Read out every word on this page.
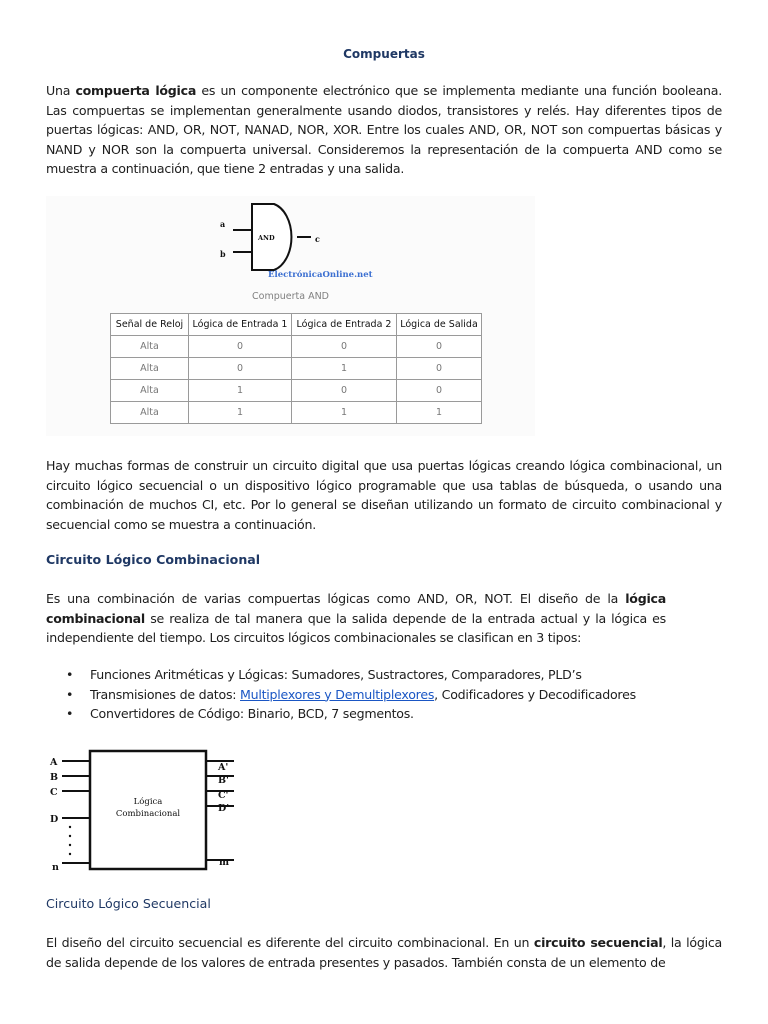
Compuertas

Una compuerta lógica es un componente electrónico que se implementa mediante una función booleana. Las compuertas se implementan generalmente usando diodos, transistores y relés. Hay diferentes tipos de puertas lógicas: AND, OR, NOT, NANAD, NOR, XOR. Entre los cuales AND, OR, NOT son compuertas básicas y NAND y NOR son la compuerta universal. Consideremos la representación de la compuerta AND como se muestra a continuación, que tiene 2 entradas y una salida.

AND
a
b
c
ElectrónicaOnline.net
Compuerta AND
Señal de Reloj	Lógica de Entrada 1	Lógica de Entrada 2	Lógica de Salida
Alta	0	0	0
Alta	0	1	0
Alta	1	0	0
Alta	1	1	1

Hay muchas formas de construir un circuito digital que usa puertas lógicas creando lógica combinacional, un circuito lógico secuencial o un dispositivo lógico programable que usa tablas de búsqueda, o usando una combinación de muchos CI, etc. Por lo general se diseñan utilizando un formato de circuito combinacional y secuencial como se muestra a continuación.

Circuito Lógico Combinacional

Es una combinación de varias compuertas lógicas como AND, OR, NOT. El diseño de la lógica combinacional se realiza de tal manera que la salida depende de la entrada actual y la lógica es independiente del tiempo. Los circuitos lógicos combinacionales se clasifican en 3 tipos:

• Funciones Aritméticas y Lógicas: Sumadores, Sustractores, Comparadores, PLD’s
• Transmisiones de datos: Multiplexores y Demultiplexores, Codificadores y Decodificadores
• Convertidores de Código: Binario, BCD, 7 segmentos.
A
B
C
D
n
A'
B'
C'
D'
m
Lógica
Combinacional
Circuito Lógico Secuencial

El diseño del circuito secuencial es diferente del circuito combinacional. En un circuito secuencial, la lógica de salida depende de los valores de entrada presentes y pasados. También consta de un elemento de
